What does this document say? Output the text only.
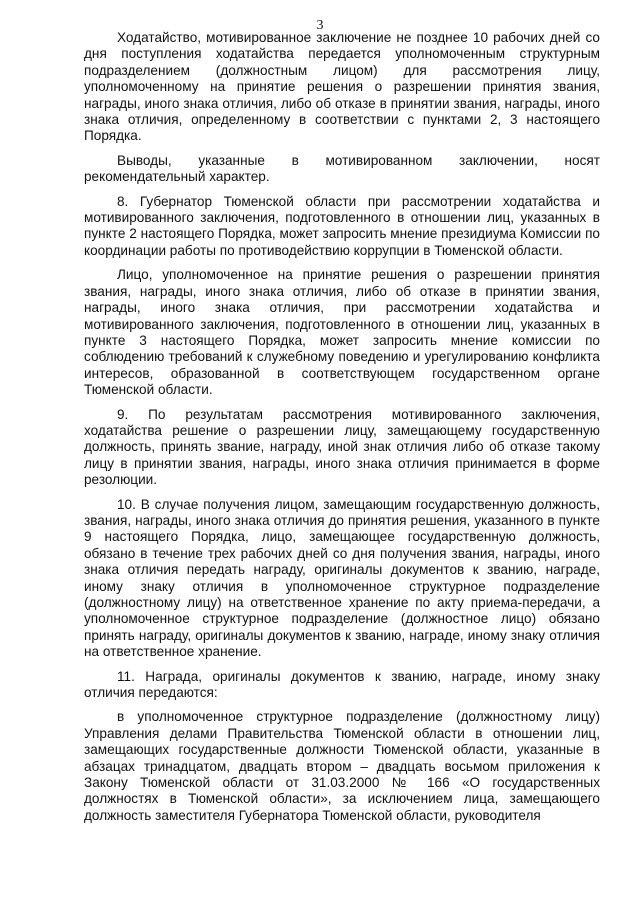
3

Ходатайство, мотивированное заключение не позднее 10 рабочих дней со дня поступления ходатайства передается уполномоченным структурным подразделением (должностным лицом) для рассмотрения лицу, уполномоченному на принятие решения о разрешении принятия звания, награды, иного знака отличия, либо об отказе в принятии звания, награды, иного знака отличия, определенному в соответствии с пунктами 2, 3 настоящего Порядка.

Выводы, указанные в мотивированном заключении, носят рекомендательный характер.

8. Губернатор Тюменской области при рассмотрении ходатайства и мотивированного заключения, подготовленного в отношении лиц, указанных в пункте 2 настоящего Порядка, может запросить мнение президиума Комиссии по координации работы по противодействию коррупции в Тюменской области.

Лицо, уполномоченное на принятие решения о разрешении принятия звания, награды, иного знака отличия, либо об отказе в принятии звания, награды, иного знака отличия, при рассмотрении ходатайства и мотивированного заключения, подготовленного в отношении лиц, указанных в пункте 3 настоящего Порядка, может запросить мнение комиссии по соблюдению требований к служебному поведению и урегулированию конфликта интересов, образованной в соответствующем государственном органе Тюменской области.

9. По результатам рассмотрения мотивированного заключения, ходатайства решение о разрешении лицу, замещающему государственную должность, принять звание, награду, иной знак отличия либо об отказе такому лицу в принятии звания, награды, иного знака отличия принимается в форме резолюции.

10. В случае получения лицом, замещающим государственную должность, звания, награды, иного знака отличия до принятия решения, указанного в пункте 9 настоящего Порядка, лицо, замещающее государственную должность, обязано в течение трех рабочих дней со дня получения звания, награды, иного знака отличия передать награду, оригиналы документов к званию, награде, иному знаку отличия в уполномоченное структурное подразделение (должностному лицу) на ответственное хранение по акту приема-передачи, а уполномоченное структурное подразделение (должностное лицо) обязано принять награду, оригиналы документов к званию, награде, иному знаку отличия на ответственное хранение.

11. Награда, оригиналы документов к званию, награде, иному знаку отличия передаются:

в уполномоченное структурное подразделение (должностному лицу) Управления делами Правительства Тюменской области в отношении лиц, замещающих государственные должности Тюменской области, указанные в абзацах тринадцатом, двадцать втором – двадцать восьмом приложения к Закону Тюменской области от 31.03.2000 № 166 «О государственных должностях в Тюменской области», за исключением лица, замещающего должность заместителя Губернатора Тюменской области, руководителя
